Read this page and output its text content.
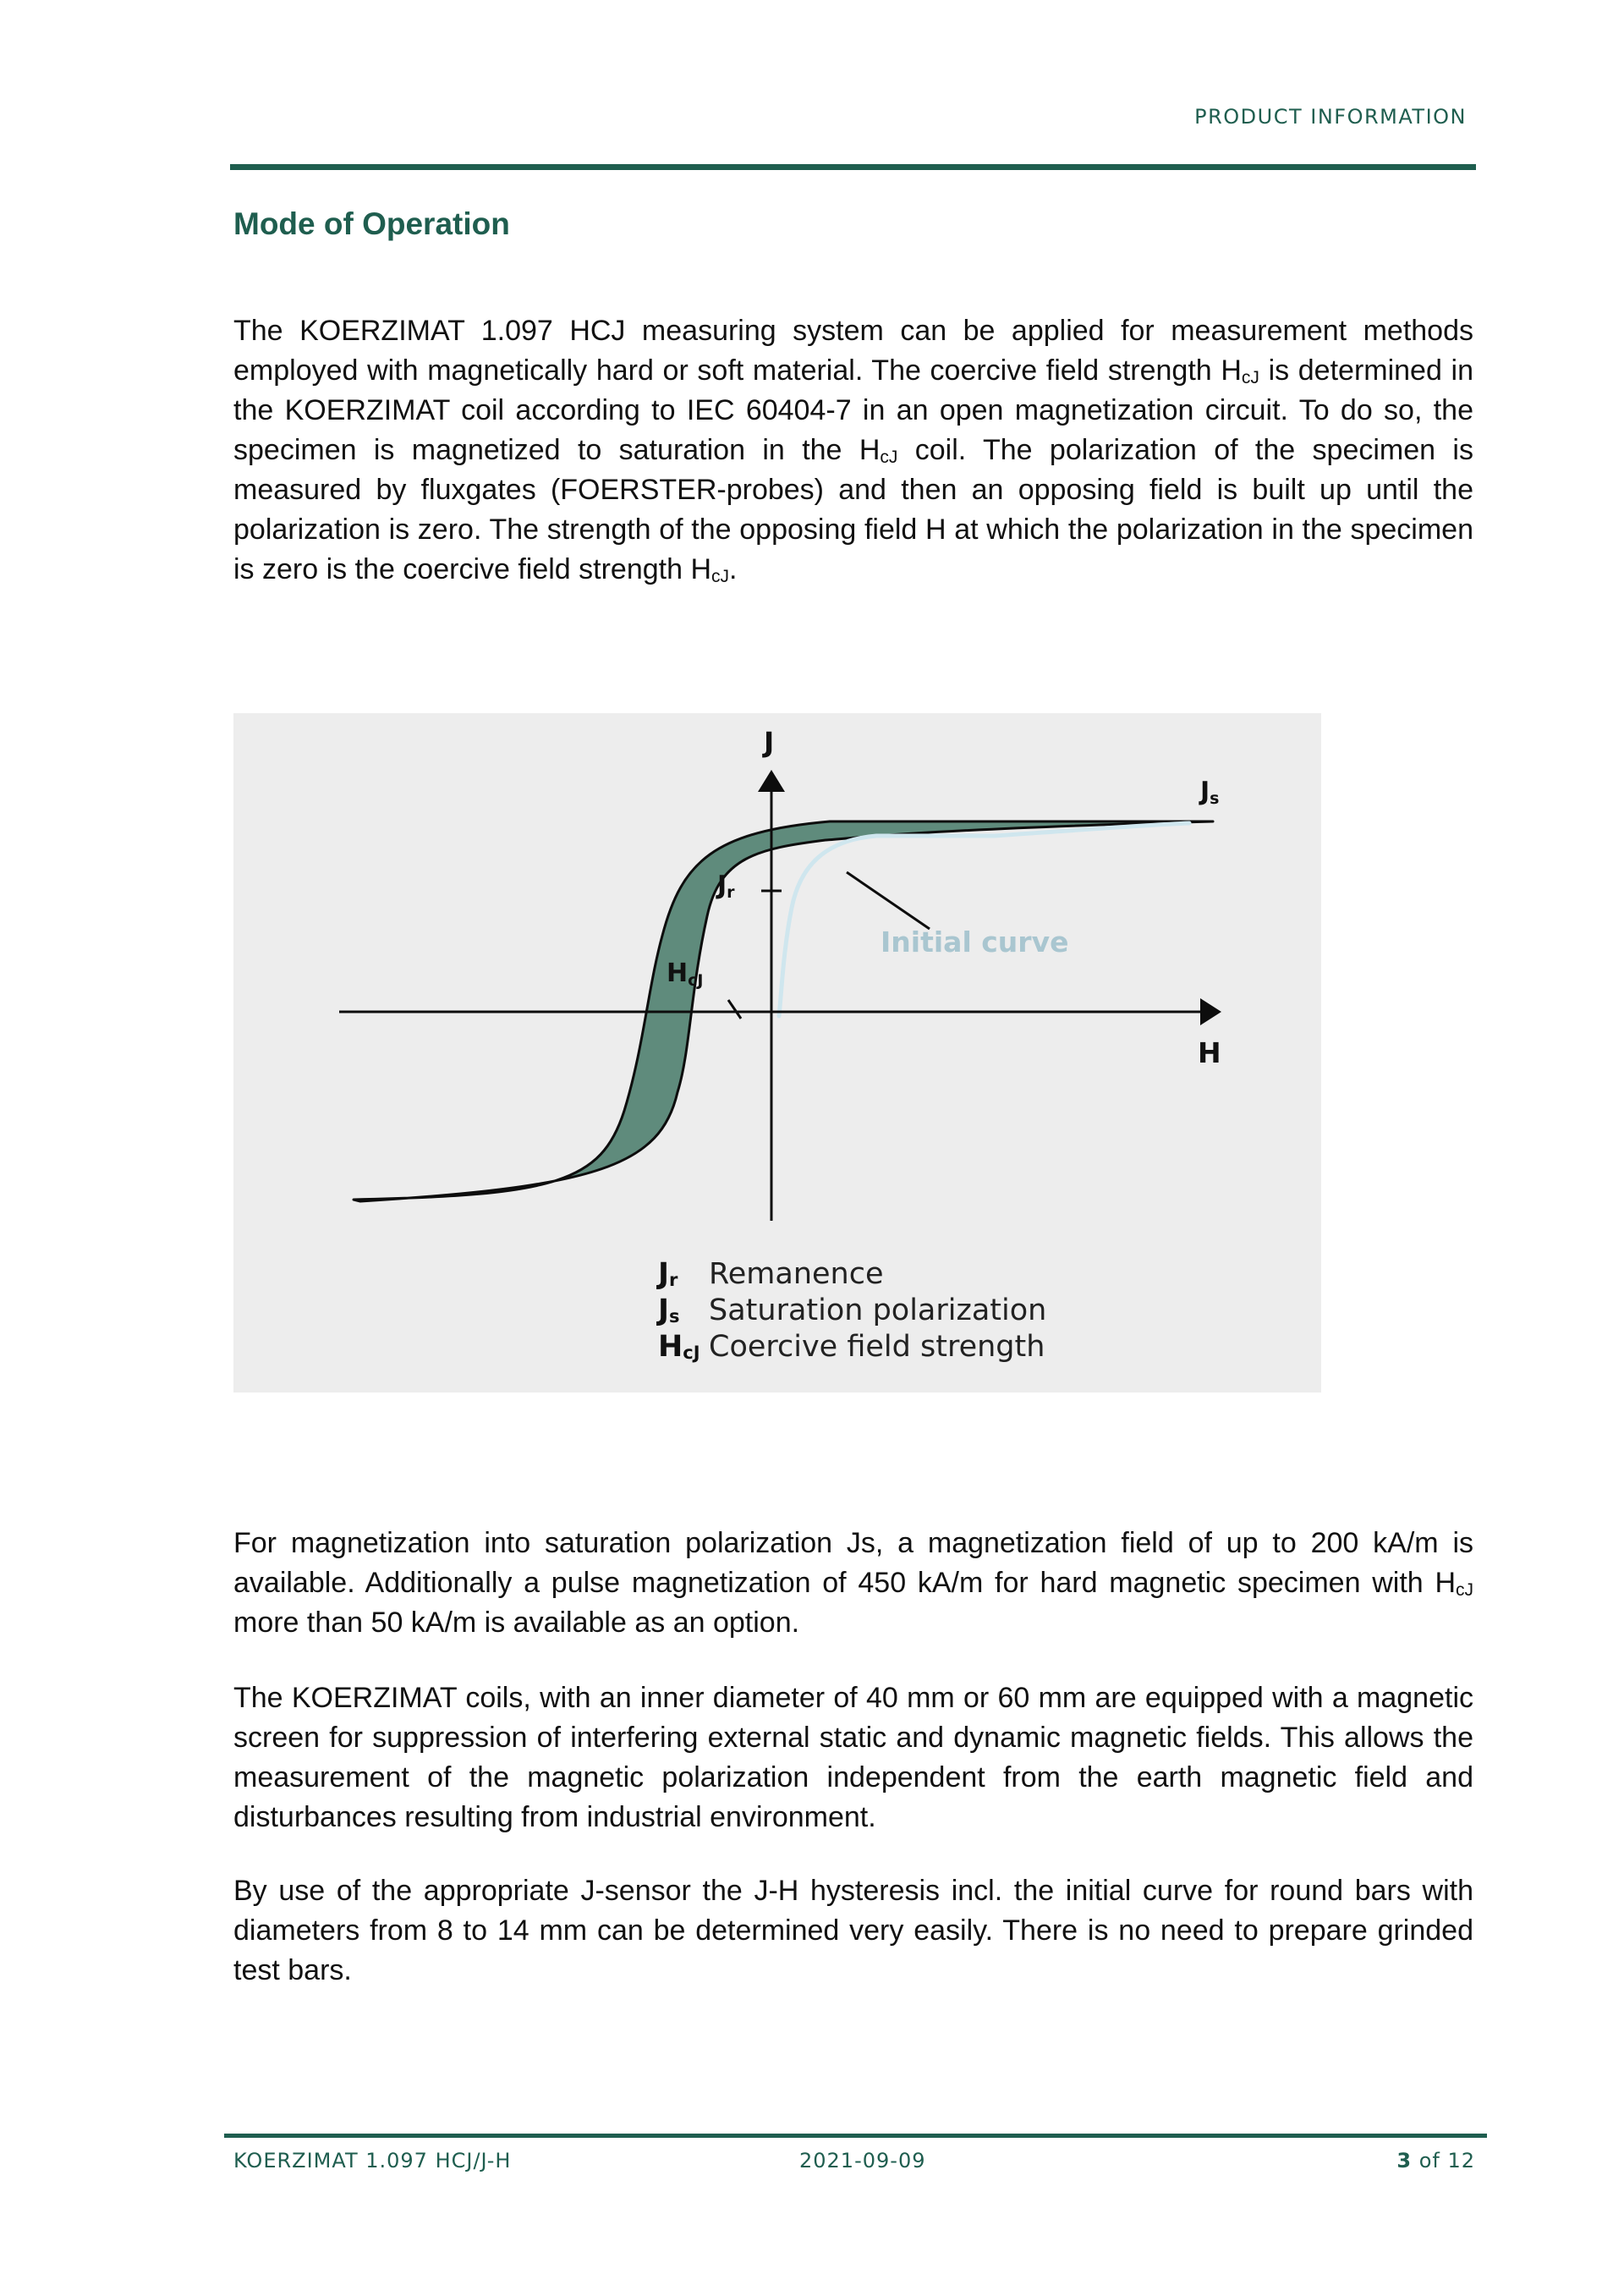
PRODUCT INFORMATION
Mode of Operation

The KOERZIMAT 1.097 HCJ measuring system can be applied for measurement methods employed with magnetically hard or soft material. The coercive field strength $H_{cJ}$ is determined in the KOERZIMAT coil according to IEC 60404-7 in an open magnetization circuit. To do so, the specimen is magnetized to saturation in the $H_{cJ}$ coil. The polarization of the specimen is measured by fluxgates (FOERSTER-probes) and then an opposing field is built up until the polarization is zero. The strength of the opposing field H at which the polarization in the specimen is zero is the coercive field strength $H_{cJ}$.

J
H
Js
Jr
HcJ
Initial curve
$J_r$	Remanence
$J_s$ Saturation polarization
$H_{cJ}$ Coercive field strength

For magnetization into saturation polarization Js, a magnetization field of up to 200 kA/m is available. Additionally a pulse magnetization of 450 kA/m for hard magnetic specimen with $H_{cJ}$ more than 50 kA/m is available as an option.

The KOERZIMAT coils, with an inner diameter of 40 mm or 60 mm are equipped with a magnetic screen for suppression of interfering external static and dynamic magnetic fields. This allows the measurement of the magnetic polarization independent from the earth magnetic field and disturbances resulting from industrial environment.

By use of the appropriate J-sensor the J-H hysteresis incl. the initial curve for round bars with diameters from 8 to 14 mm can be determined very easily. There is no need to prepare grinded test bars.

KOERZIMAT 1.097 HCJ/J-H	2021-09-09	3 of 12
